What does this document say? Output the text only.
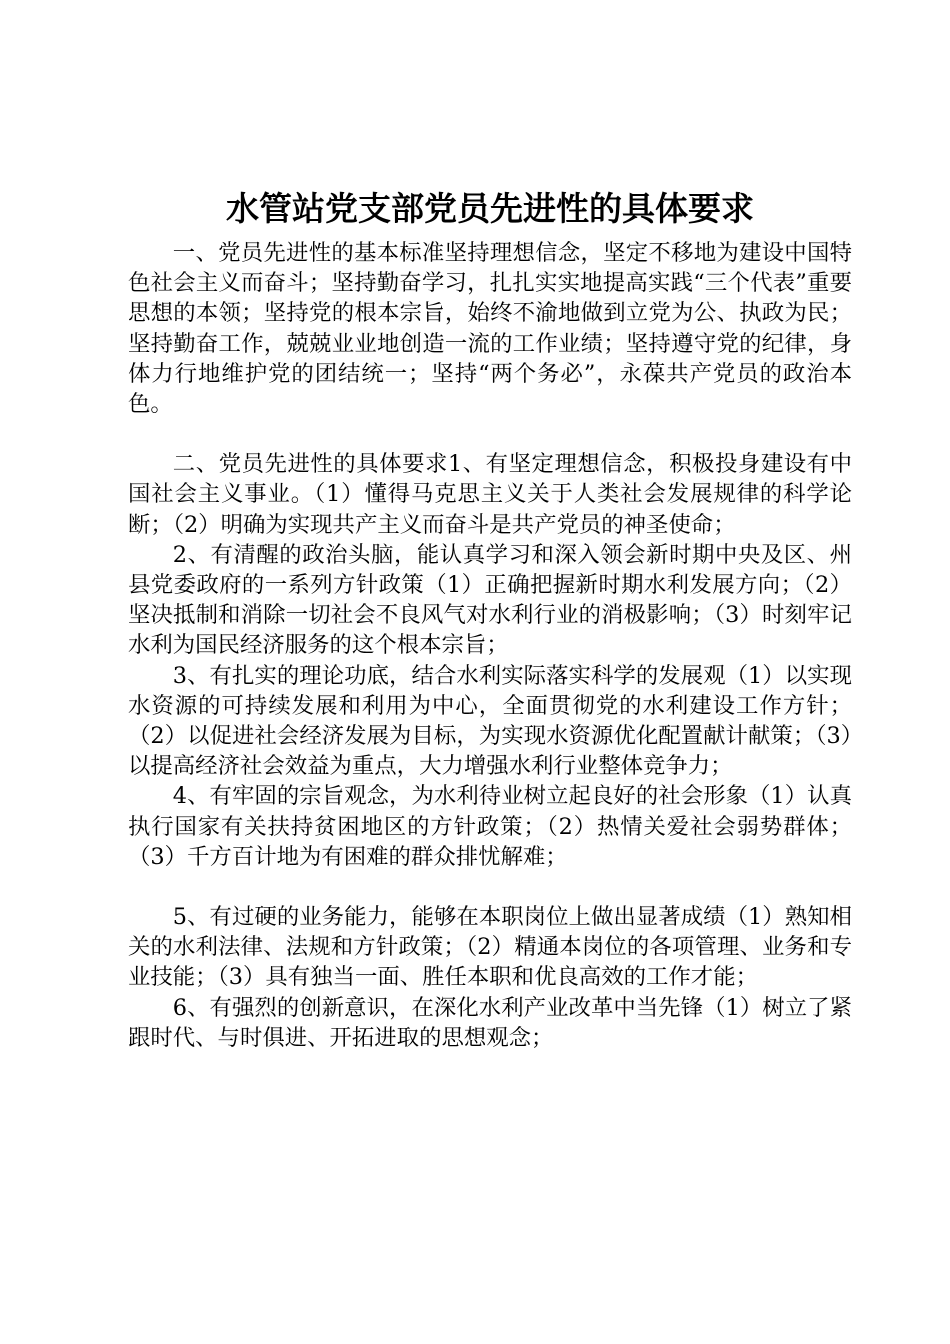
水管站党支部党员先进性的具体要求

一、党员先进性的基本标准坚持理想信念，坚定不移地为建设中国特色社会主义而奋斗；坚持勤奋学习，扎扎实实地提高实践“三个代表”重要思想的本领；坚持党的根本宗旨，始终不渝地做到立党为公、执政为民；坚持勤奋工作，兢兢业业地创造一流的工作业绩；坚持遵守党的纪律，身体力行地维护党的团结统一；坚持“两个务必”，永葆共产党员的政治本色。

二、党员先进性的具体要求1、有坚定理想信念，积极投身建设有中国社会主义事业。（1）懂得马克思主义关于人类社会发展规律的科学论断；（2）明确为实现共产主义而奋斗是共产党员的神圣使命；

2、有清醒的政治头脑，能认真学习和深入领会新时期中央及区、州县党委政府的一系列方针政策（1）正确把握新时期水利发展方向；（2）坚决抵制和消除一切社会不良风气对水利行业的消极影响；（3）时刻牢记水利为国民经济服务的这个根本宗旨；

3、有扎实的理论功底，结合水利实际落实科学的发展观（1）以实现水资源的可持续发展和利用为中心，全面贯彻党的水利建设工作方针；（2）以促进社会经济发展为目标，为实现水资源优化配置献计献策；（3）以提高经济社会效益为重点，大力增强水利行业整体竞争力；

4、有牢固的宗旨观念，为水利待业树立起良好的社会形象（1）认真执行国家有关扶持贫困地区的方针政策；（2）热情关爱社会弱势群体；（3）千方百计地为有困难的群众排忧解难；

5、有过硬的业务能力，能够在本职岗位上做出显著成绩（1）熟知相关的水利法律、法规和方针政策；（2）精通本岗位的各项管理、业务和专业技能；（3）具有独当一面、胜任本职和优良高效的工作才能；

6、有强烈的创新意识，在深化水利产业改革中当先锋（1）树立了紧跟时代、与时俱进、开拓进取的思想观念；
